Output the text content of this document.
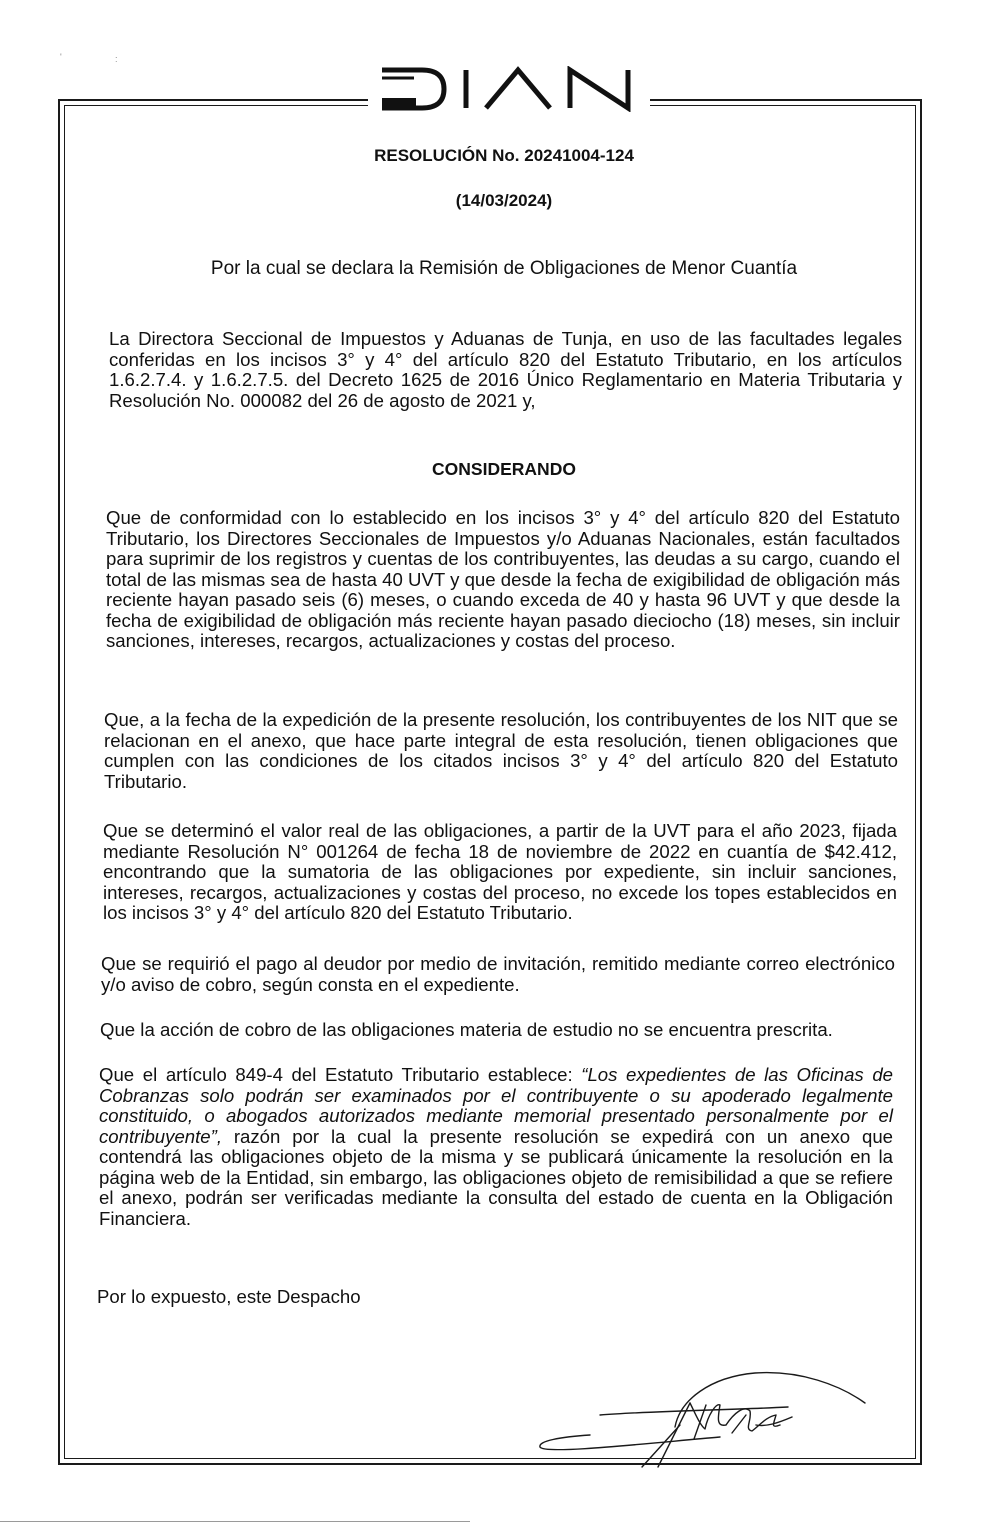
'	:

RESOLUCIÓN No. 20241004-124

(14/03/2024)

Por la cual se declara la Remisión de Obligaciones de Menor Cuantía

La Directora Seccional de Impuestos y Aduanas de Tunja, en uso de las facultades legales conferidas en los incisos 3° y 4° del artículo 820 del Estatuto Tributario, en los artículos 1.6.2.7.4. y 1.6.2.7.5. del Decreto 1625 de 2016 Único Reglamentario en Materia Tributaria y Resolución No. 000082 del 26 de agosto de 2021 y,

CONSIDERANDO

Que de conformidad con lo establecido en los incisos 3° y 4° del artículo 820 del Estatuto Tributario, los Directores Seccionales de Impuestos y/o Aduanas Nacionales, están facultados para suprimir de los registros y cuentas de los contribuyentes, las deudas a su cargo, cuando el total de las mismas sea de hasta 40 UVT y que desde la fecha de exigibilidad de obligación más reciente hayan pasado seis (6) meses, o cuando exceda de 40 y hasta 96 UVT y que desde la fecha de exigibilidad de obligación más reciente hayan pasado dieciocho (18) meses, sin incluir sanciones, intereses, recargos, actualizaciones y costas del proceso.

Que, a la fecha de la expedición de la presente resolución, los contribuyentes de los NIT que se relacionan en el anexo, que hace parte integral de esta resolución, tienen obligaciones que cumplen con las condiciones de los citados incisos 3° y 4° del artículo 820 del Estatuto Tributario.

Que se determinó el valor real de las obligaciones, a partir de la UVT para el año 2023, fijada mediante Resolución N° 001264 de fecha 18 de noviembre de 2022 en cuantía de $42.412, encontrando que la sumatoria de las obligaciones por expediente, sin incluir sanciones, intereses, recargos, actualizaciones y costas del proceso, no excede los topes establecidos en los incisos 3° y 4° del artículo 820 del Estatuto Tributario.

Que se requirió el pago al deudor por medio de invitación, remitido mediante correo electrónico y/o aviso de cobro, según consta en el expediente.

Que la acción de cobro de las obligaciones materia de estudio no se encuentra prescrita.

Que el artículo 849-4 del Estatuto Tributario establece: “Los expedientes de las Oficinas de Cobranzas solo podrán ser examinados por el contribuyente o su apoderado legalmente constituido, o abogados autorizados mediante memorial presentado personalmente por el contribuyente”, razón por la cual la presente resolución se expedirá con un anexo que contendrá las obligaciones objeto de la misma y se publicará únicamente la resolución en la página web de la Entidad, sin embargo, las obligaciones objeto de remisibilidad a que se refiere el anexo, podrán ser verificadas mediante la consulta del estado de cuenta en la Obligación Financiera.

Por lo expuesto, este Despacho
